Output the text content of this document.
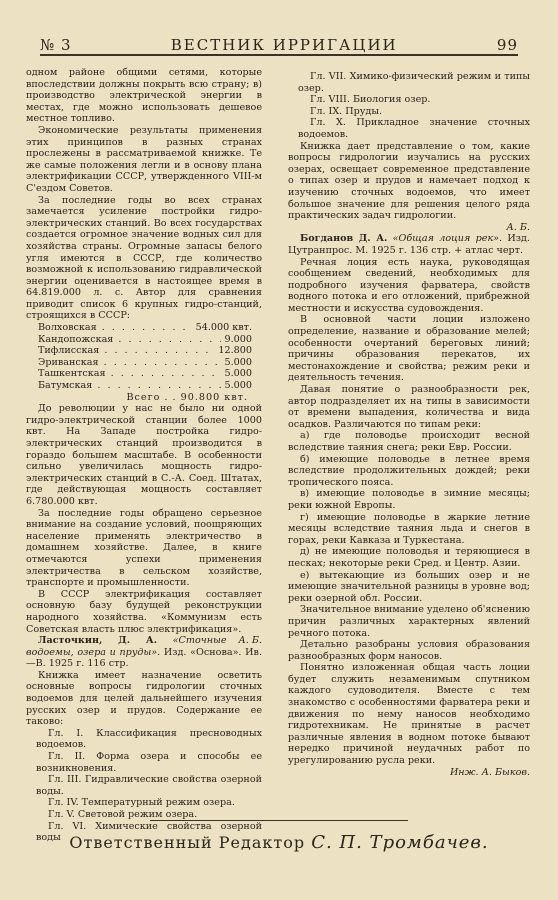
№ 3	ВЕСТНИК ИРРИГАЦИИ	99

одном районе общими сетями, которые впоследствии должны покрыть всю страну; в) производство электрической энергии в местах, где можно использовать дешевое местное топливо.

Экономические результаты применения этих принципов в разных странах прослежены в рассматриваемой книжке. Те же самые положения легли и в основу плана электрификации СССР, утвержденного VIII-м С'ездом Советов.

За последние годы во всех странах замечается усиление постройки гидро-электрических станций. Во всех государствах создается огромное значение водных сил для хозяйства страны. Огромные запасы белого угля имеются в СССР, где количество возможной к использованию гидравлической энергии оценивается в настоящее время в 64.819.000 л. с. Автор для сравнения приводит список 6 крупных гидро-станций, строящихся в СССР:

Волховская . . .	54.000 квт.
Кандопожская . . .	9.000
Тифлисская . . .	12.800
Эриванская . . .	5.000
Ташкентская . . .	5.000
Батумская . . .	5.000
Всего . . 90.800 квт.

До революции у нас не было ни одной гидро-электрической станции более 1000 квт. На Западе постройка гидро-электрических станций производится в гораздо большем масштабе. В особенности сильно увеличилась мощность гидро-электрических станций в С.-А. Соед. Штатах, где действующая мощность составляет 6.780.000 квт.

За последние годы обращено серьезное внимание на создание условий, поощряющих население применять электричество в домашнем хозяйстве. Далее, в книге отмечаются успехи применения электричества в сельском хозяйстве, транспорте и промышленности.

В СССР электрификация составляет основную базу будущей реконструкции народного хозяйства. «Коммунизм есть Советская власть плюс электрификация».
А. Б.

Ласточкин, Д. А. «Сточные водоемы, озера и пруды». Изд. «Основа». Ив.—В. 1925 г. 116 стр.

Книжка имеет назначение осветить основные вопросы гидрологии сточных водоемов для целей дальнейшего изучения русских озер и прудов. Содержание ее таково:

Гл. I. Классификация пресноводных водоемов.

Гл. II. Форма озера и способы ее возникновения.

Гл. III. Гидравлические свойства озерной воды.

Гл. IV. Температурный режим озера.

Гл. V. Световой режим озера.

Гл. VI. Химические свойства озерной воды

Гл. VII. Химико-физический режим и типы озер.

Гл. VIII. Биология озер.

Гл. IX. Пруды.

Гл. X. Прикладное значение сточных водоемов.

Книжка дает представление о том, какие вопросы гидрологии изучались на русских озерах, освещает современное представление о типах озер и прудов и намечает подход к изучению сточных водоемов, что имеет большое значение для решения целого ряда практических задач гидрологии.

А. Б.

Богданов Д. А. «Общая лоция рек». Изд. Цутранпрос. М. 1925 г. 136 стр. + атлас черт.

Речная лоция есть наука, руководящая сообщением сведений, необходимых для подробного изучения фарватера, свойств водного потока и его отложений, прибрежной местности и искусства судовождения.

В основной части лоции изложено определение, название и образование мелей; особенности очертаний береговых линий; причины образования перекатов, их местонахождение и свойства; режим реки и деятельность течения.

Давая понятие о разнообразности рек, автор подразделяет их на типы в зависимости от времени выпадения, количества и вида осадков. Различаются по типам реки:

а) где половодье происходит весной вследствие таяния снега; реки Евр. России.

б) имеющие половодье в летнее время вследствие продолжительных дождей; реки тропического пояса.

в) имеющие половодье в зимние месяцы; реки южной Европы.

г) имеющие половодье в жаркие летние месяцы вследствие таяния льда и снегов в горах, реки Кавказа и Туркестана.

д) не имеющие половодья и теряющиеся в песках; некоторые реки Сред. и Центр. Азии.

е) вытекающие из больших озер и не имеющие значительной разницы в уровне вод; реки озерной обл. России.

Значительное внимание уделено об'яснению причин различных характерных явлений речного потока.

Детально разобраны условия образования разнообразных форм наносов.

Понятно изложенная общая часть лоции будет служить незаменимым спутником каждого судоводителя. Вместе с тем знакомство с особенностями фарватера реки и движения по нему наносов необходимо гидротехникам. Не принятые в расчет различные явления в водном потоке бывают нередко причиной неудачных работ по урегулированию русла реки.

Инж. А. Быков.

Ответственный Редактор С. П. Тромбачев.
